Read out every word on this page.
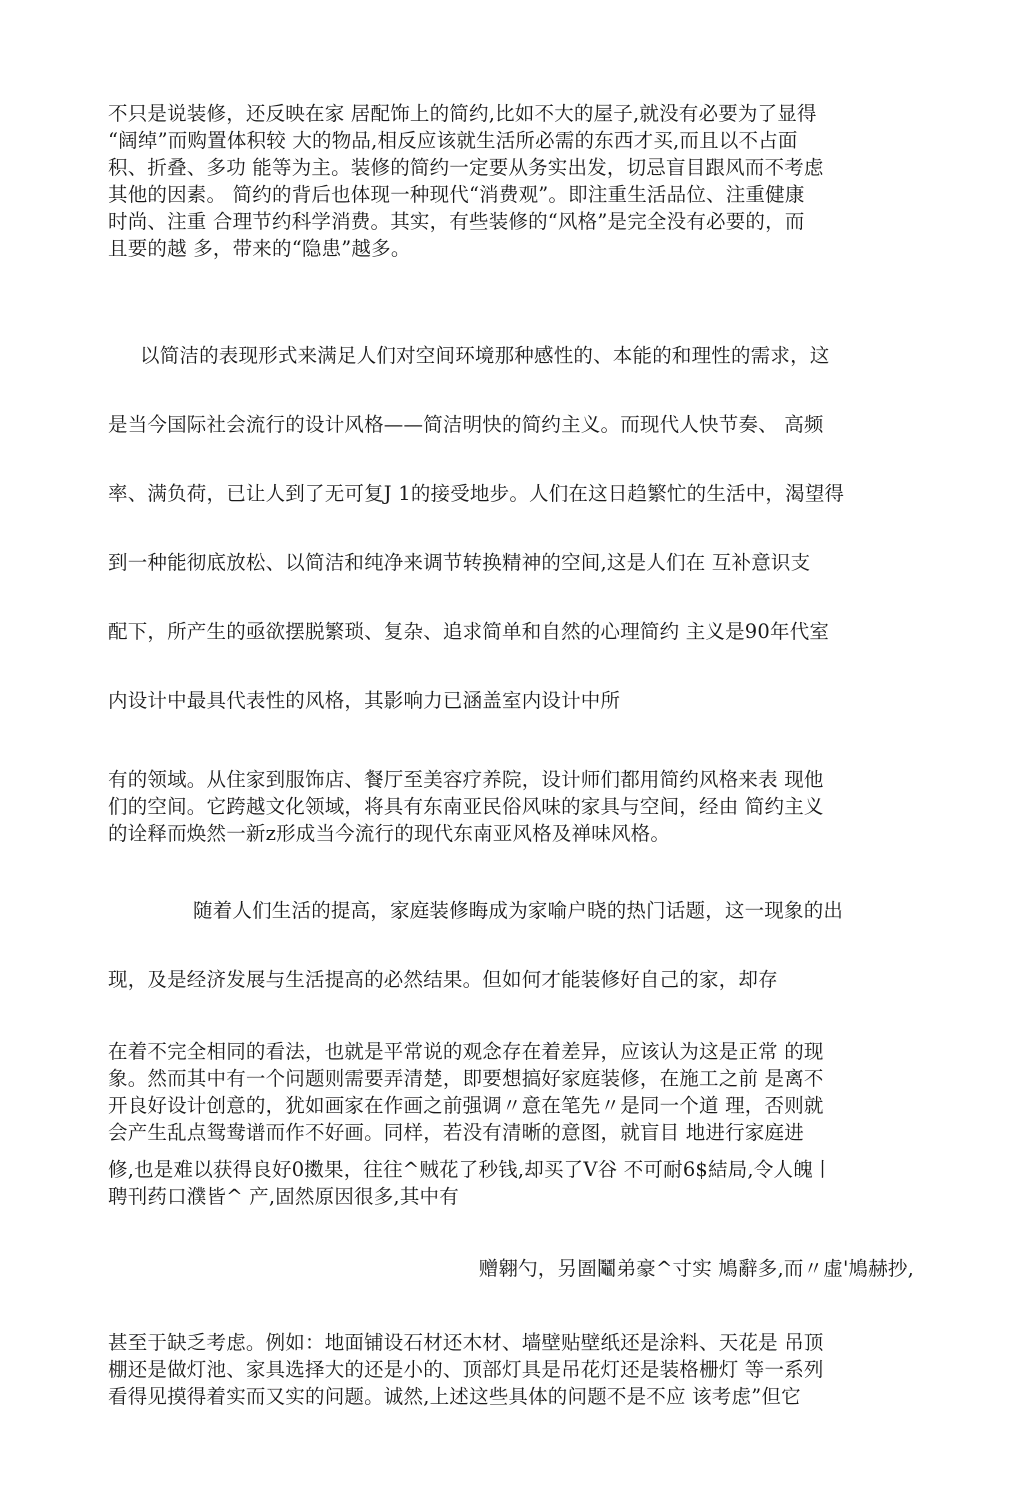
不只是说装修，还反映在家 居配饰上的简约,比如不大的屋子,就没有必要为了显得
“阔绰”而购置体积较 大的物品,相反应该就生活所必需的东西才买,而且以不占面
积、折叠、多功 能等为主。装修的简约一定要从务实出发，切忌盲目跟风而不考虑
其他的因素。 简约的背后也体现一种现代“消费观”。即注重生活品位、注重健康
时尚、注重 合理节约科学消费。其实，有些装修的“风格”是完全没有必要的，而
且要的越 多，带来的“隐患”越多。
以简洁的表现形式来满足人们对空间环境那种感性的、本能的和理性的需求，这
是当今国际社会流行的设计风格——简洁明快的简约主义。而现代人快节奏、 高频
率、满负荷，已让人到了无可复J 1的接受地步。人们在这日趋繁忙的生活中，渴望得
到一种能彻底放松、以简洁和纯净来调节转换精神的空间,这是人们在 互补意识支
配下，所产生的亟欲摆脱繁琐、复杂、追求简单和自然的心理简约 主义是90年代室
内设计中最具代表性的风格，其影响力已涵盖室内设计中所
有的领域。从住家到服饰店、餐厅至美容疗养院，设计师们都用简约风格来表 现他
们的空间。它跨越文化领域，将具有东南亚民俗风味的家具与空间，经由 简约主义
的诠释而焕然一新z形成当今流行的现代东南亚风格及禅味风格。
随着人们生活的提高，家庭装修晦成为家喻户晓的热门话题，这一现象的出
现，及是经济发展与生活提高的必然结果。但如何才能装修好自己的家，却存
在着不完全相同的看法，也就是平常说的观念存在着差异，应该认为这是正常 的现
象。然而其中有一个问题则需要弄清楚，即要想搞好家庭装修，在施工之前 是离不
开良好设计创意的，犹如画家在作画之前强调〃意在笔先〃是同一个道 理，否则就
会产生乱点鸳鸯谱而作不好画。同样，若没有清晰的意图，就盲目 地进行家庭进
修,也是难以获得良好0擞果，往往^贼花了秒钱,却买了V谷 不可耐6$結局,令人魄丨
聘刊药口濮皆^ 产,固然原因很多,其中有
赠翱勺，另圄鬮弟豪^寸实 鳩辭多,而〃虛'鳩赫抄,
甚至于缺乏考虑。例如：地面铺设石材还木材、墙壁贴壁纸还是涂料、天花是 吊顶
棚还是做灯池、家具选择大的还是小的、顶部灯具是吊花灯还是装格栅灯 等一系列
看得见摸得着实而又实的问题。诚然,上述这些具体的问题不是不应 该考虑”但它
